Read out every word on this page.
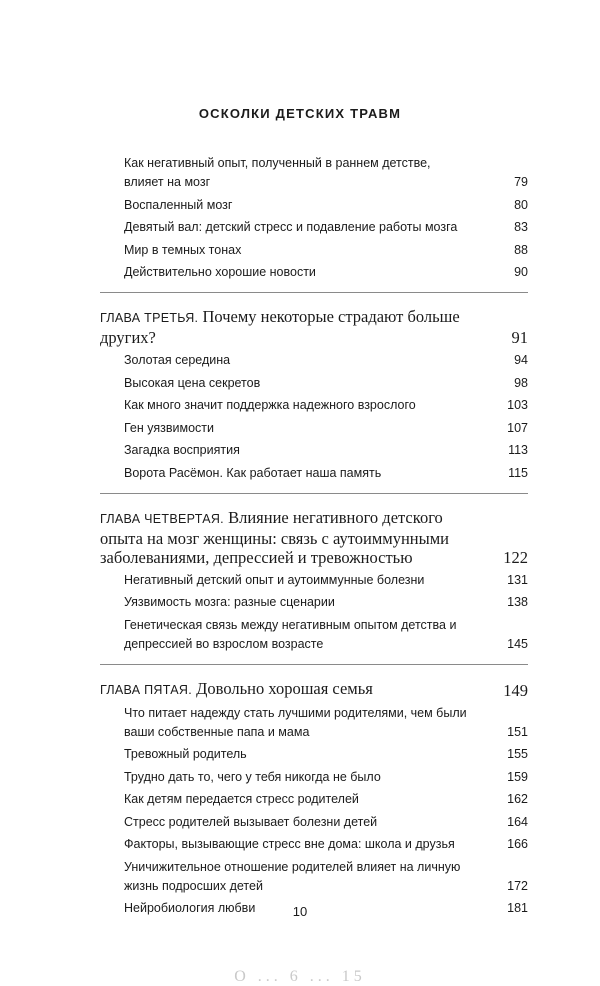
ОСКОЛКИ ДЕТСКИХ ТРАВМ
Как негативный опыт, полученный в раннем детстве, влияет на мозг	79
Воспаленный мозг	80
Девятый вал: детский стресс и подавление работы мозга	83
Мир в темных тонах	88
Действительно хорошие новости	90
ГЛАВА ТРЕТЬЯ. Почему некоторые страдают больше других?	91
Золотая середина	94
Высокая цена секретов	98
Как много значит поддержка надежного взрослого	103
Ген уязвимости	107
Загадка восприятия	113
Ворота Расёмон. Как работает наша память	115
ГЛАВА ЧЕТВЕРТАЯ. Влияние негативного детского опыта на мозг женщины: связь с аутоиммунными заболеваниями, депрессией и тревожностью	122
Негативный детский опыт и аутоиммунные болезни	131
Уязвимость мозга: разные сценарии	138
Генетическая связь между негативным опытом детства и депрессией во взрослом возрасте	145
ГЛАВА ПЯТАЯ. Довольно хорошая семья	149
Что питает надежду стать лучшими родителями, чем были ваши собственные папа и мама	151
Тревожный родитель	155
Трудно дать то, чего у тебя никогда не было	159
Как детям передается стресс родителей	162
Стресс родителей вызывает болезни детей	164
Факторы, вызывающие стресс вне дома: школа и друзья	166
Уничижительное отношение родителей влияет на личную жизнь подросших детей	172
Нейробиология любви	181
10
О ... 6 ... 15
